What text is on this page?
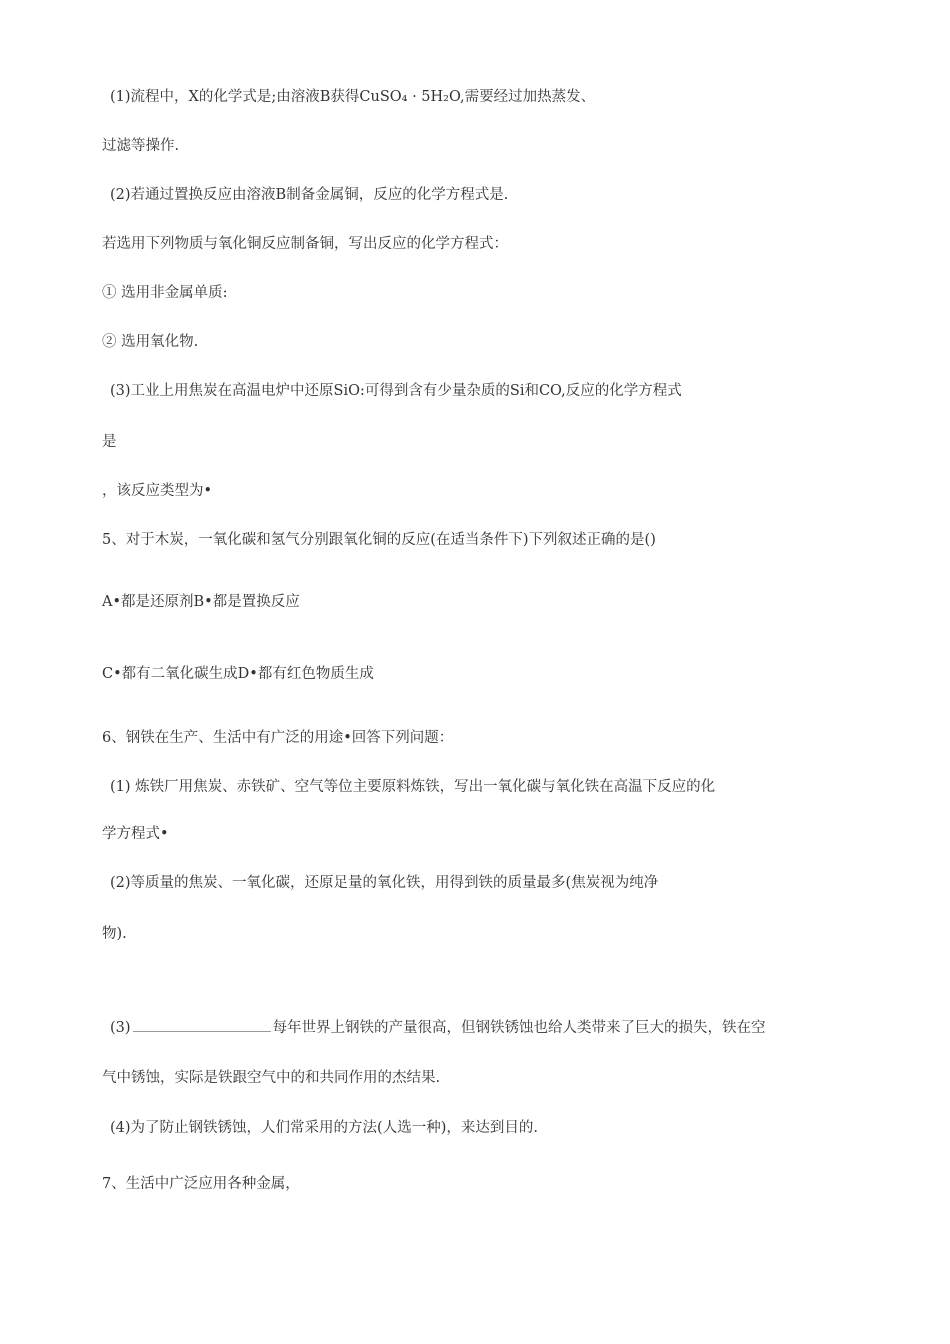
(1)流程中，X的化学式是;由溶液B获得CuSO₄ · 5H₂O,需要经过加热蒸发、
过滤等操作.
(2)若通过置换反应由溶液B制备金属铜，反应的化学方程式是.
若选用下列物质与氧化铜反应制备铜，写出反应的化学方程式：
① 选用非金属单质:
② 选用氧化物.
(3)工业上用焦炭在高温电炉中还原SiO:可得到含有少量杂质的Si和CO,反应的化学方程式
是
，该反应类型为•
5、对于木炭，一氧化碳和氢气分别跟氧化铜的反应(在适当条件下)下列叙述正确的是()
A•都是还原剂B•都是置换反应
C•都有二氧化碳生成D•都有红色物质生成
6、钢铁在生产、生活中有广泛的用途•回答下列问题：
(1) 炼铁厂用焦炭、赤铁矿、空气等位主要原料炼铁，写出一氧化碳与氧化铁在高温下反应的化
学方程式•
(2)等质量的焦炭、一氧化碳，还原足量的氧化铁，用得到铁的质量最多(焦炭视为纯净
物).
(3)	每年世界上钢铁的产量很高，但钢铁锈蚀也给人类带来了巨大的损失，铁在空
气中锈蚀，实际是铁跟空气中的和共同作用的杰结果.
(4)为了防止钢铁锈蚀，人们常采用的方法(人选一种)，来达到目的.
7、生活中广泛应用各种金属，
